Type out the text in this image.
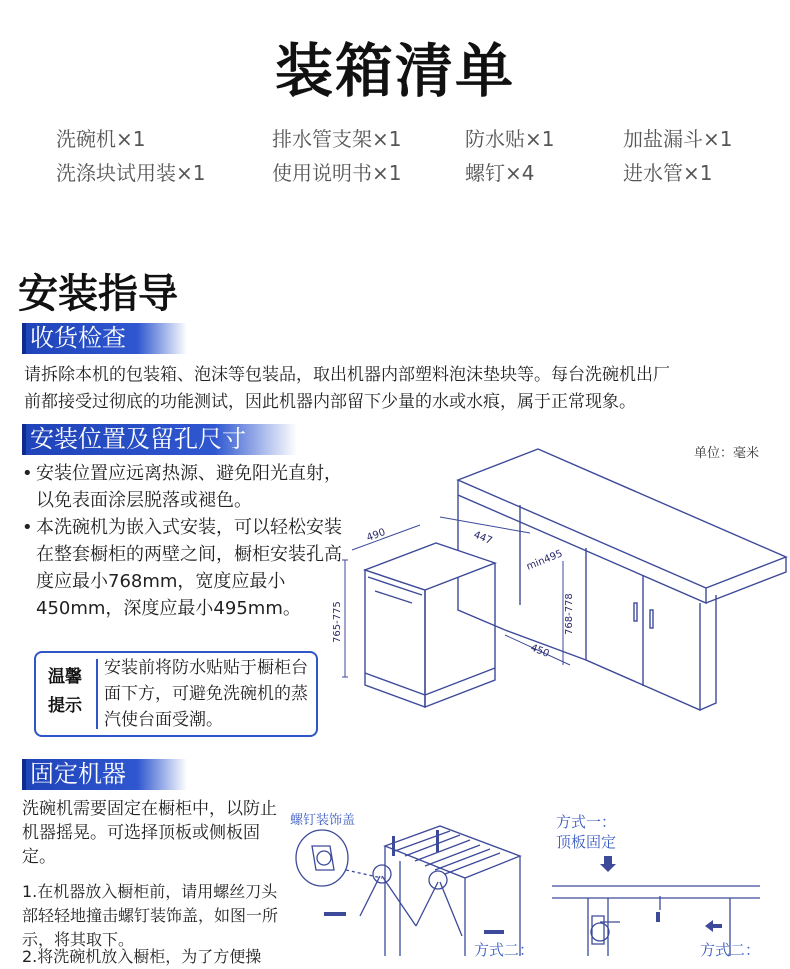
装箱清单
洗碗机×1	排水管支架×1	防水贴×1	加盐漏斗×1
洗涤块试用装×1	使用说明书×1	螺钉×4	进水管×1
安装指导
收货检查
请拆除本机的包装箱、泡沫等包装品，取出机器内部塑料泡沫垫块等。每台洗碗机出厂
前都接受过彻底的功能测试，因此机器内部留下少量的水或水痕，属于正常现象。
安装位置及留孔尺寸
• 安装位置应远离热源、避免阳光直射，以免表面涂层脱落或褪色。
• 本洗碗机为嵌入式安装，可以轻松安装在整套橱柜的两壁之间，橱柜安装孔高度应最小768mm，宽度应最小450mm，深度应最小495mm。
温馨
提示
安装前将防水贴贴于橱柜台面下方，可避免洗碗机的蒸汽使台面受潮。
单位：毫米
490	447
min495
765-775	768-778
450
固定机器
洗碗机需要固定在橱柜中，以防止机器摇晃。可选择顶板或侧板固定。
1.在机器放入橱柜前，请用螺丝刀头部轻轻地撞击螺钉装饰盖，如图一所示，将其取下。
2.将洗碗机放入橱柜，为了方便操
螺钉装饰盖	方式一：
顶板固定
方式二：	方式二：
